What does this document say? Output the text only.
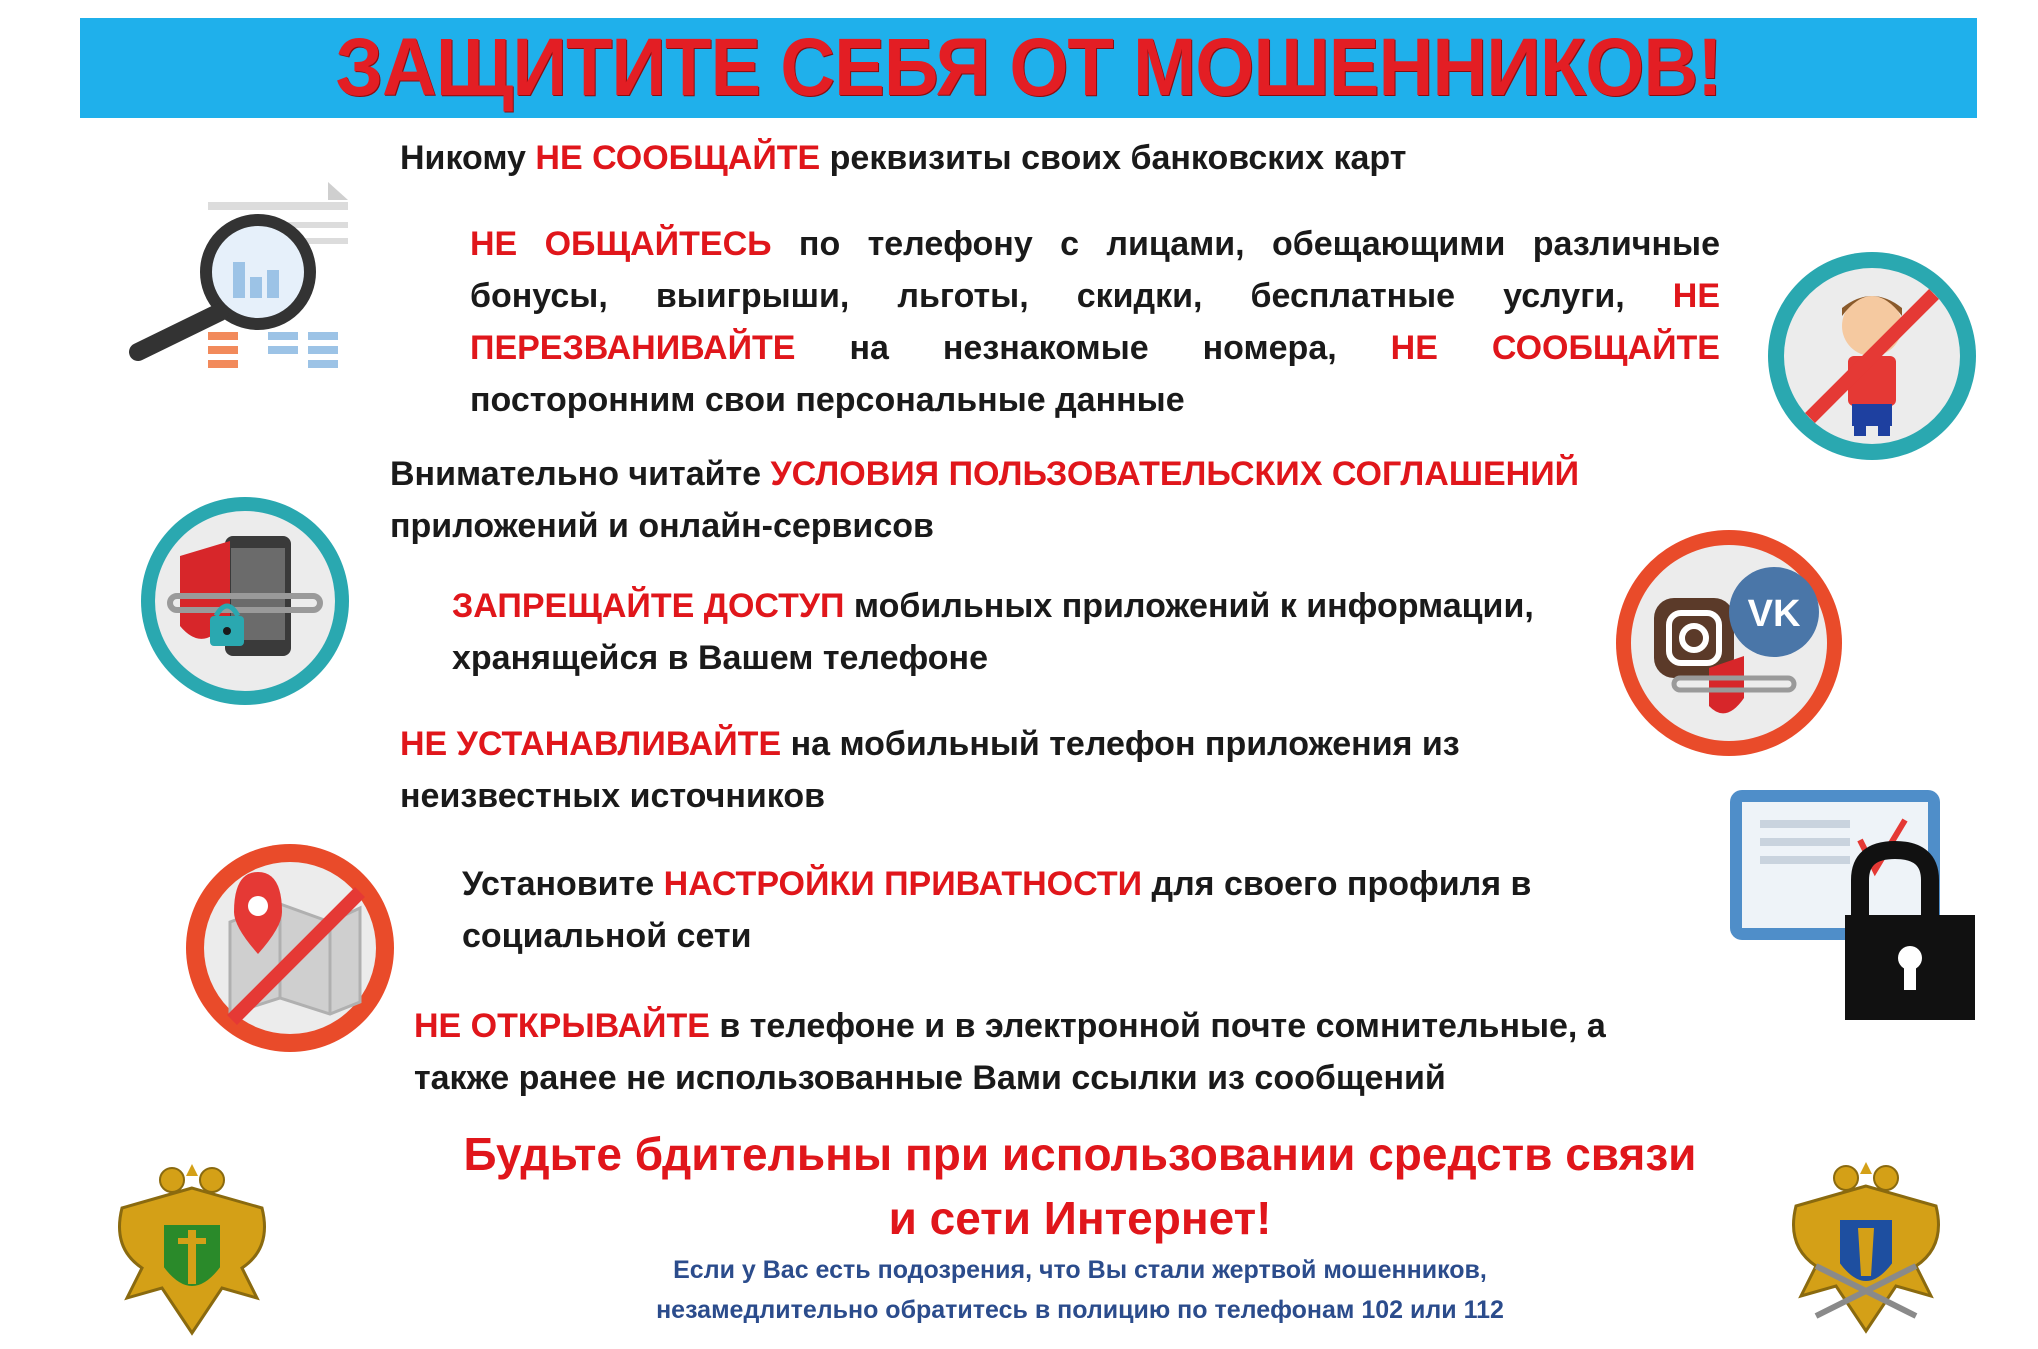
ЗАЩИТИТЕ СЕБЯ ОТ МОШЕННИКОВ!
Никому НЕ СООБЩАЙТЕ реквизиты своих банковских карт
НЕ ОБЩАЙТЕСЬ по телефону с лицами, обещающими различные бонусы, выигрыши, льготы, скидки, бесплатные услуги, НЕ ПЕРЕЗВАНИВАЙТЕ на незнакомые номера, НЕ СООБЩАЙТЕ посторонним свои персональные данные
Внимательно читайте УСЛОВИЯ ПОЛЬЗОВАТЕЛЬСКИХ СОГЛАШЕНИЙ приложений и онлайн-сервисов
ЗАПРЕЩАЙТЕ ДОСТУП мобильных приложений к информации, хранящейся в Вашем телефоне
НЕ УСТАНАВЛИВАЙТЕ на мобильный телефон приложения из неизвестных источников
Установите НАСТРОЙКИ ПРИВАТНОСТИ для своего профиля в социальной сети
НЕ ОТКРЫВАЙТЕ в телефоне и в электронной почте сомнительные, а также ранее не использованные Вами ссылки из сообщений
Будьте бдительны при использовании средств связи
и сети Интернет!
Если у Вас есть подозрения, что Вы стали жертвой мошенников,
незамедлительно обратитесь в полицию по телефонам 102 или 112
VK
